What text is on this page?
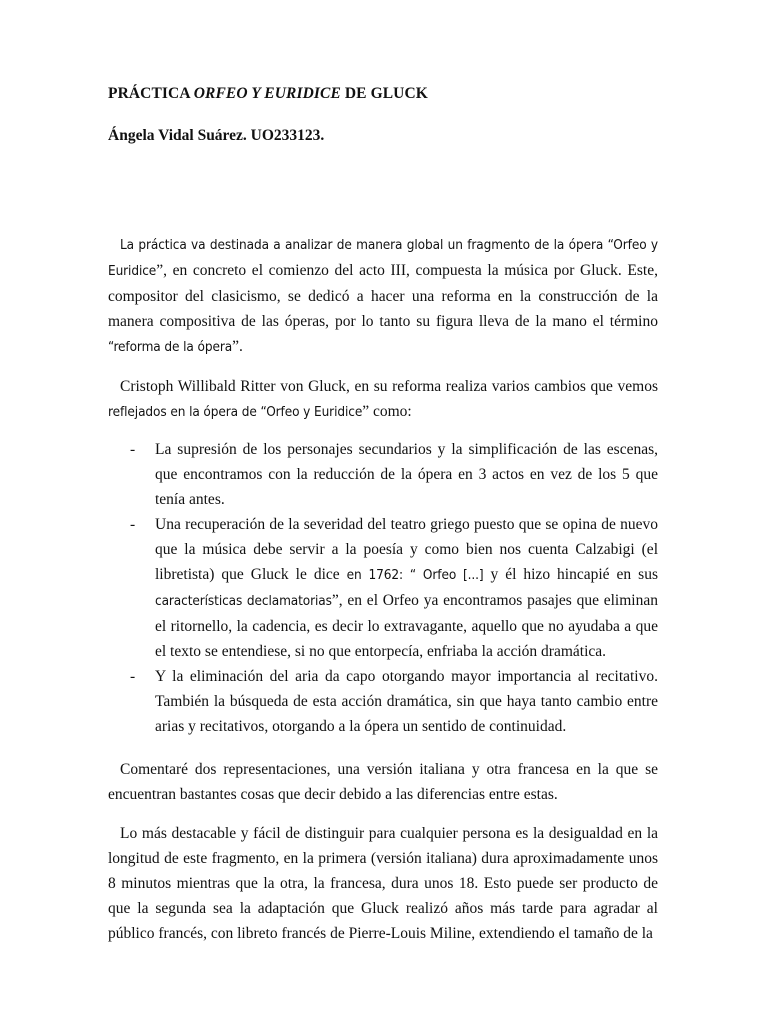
PRÁCTICA ORFEO Y EURIDICE DE GLUCK

Ángela Vidal Suárez. UO233123.

La práctica va destinada a analizar de manera global un fragmento de la ópera “Orfeo y Euridice”, en concreto el comienzo del acto III, compuesta la música por Gluck. Este, compositor del clasicismo, se dedicó a hacer una reforma en la construcción de la manera compositiva de las óperas, por lo tanto su figura lleva de la mano el término “reforma de la ópera”.

Cristoph Willibald Ritter von Gluck, en su reforma realiza varios cambios que vemos reflejados en la ópera de “Orfeo y Euridice” como:

- La supresión de los personajes secundarios y la simplificación de las escenas, que encontramos con la reducción de la ópera en 3 actos en vez de los 5 que tenía antes.
- Una recuperación de la severidad del teatro griego puesto que se opina de nuevo que la música debe servir a la poesía y como bien nos cuenta Calzabigi (el libretista) que Gluck le dice en 1762: “ Orfeo [...] y él hizo hincapié en sus características declamatorias”, en el Orfeo ya encontramos pasajes que eliminan el ritornello, la cadencia, es decir lo extravagante, aquello que no ayudaba a que el texto se entendiese, si no que entorpecía, enfriaba la acción dramática.
- Y la eliminación del aria da capo otorgando mayor importancia al recitativo. También la búsqueda de esta acción dramática, sin que haya tanto cambio entre arias y recitativos, otorgando a la ópera un sentido de continuidad.

Comentaré dos representaciones, una versión italiana y otra francesa en la que se encuentran bastantes cosas que decir debido a las diferencias entre estas.

Lo más destacable y fácil de distinguir para cualquier persona es la desigualdad en la longitud de este fragmento, en la primera (versión italiana) dura aproximadamente unos 8 minutos mientras que la otra, la francesa, dura unos 18. Esto puede ser producto de que la segunda sea la adaptación que Gluck realizó años más tarde para agradar al público francés, con libreto francés de Pierre-Louis Miline, extendiendo el tamaño de la
